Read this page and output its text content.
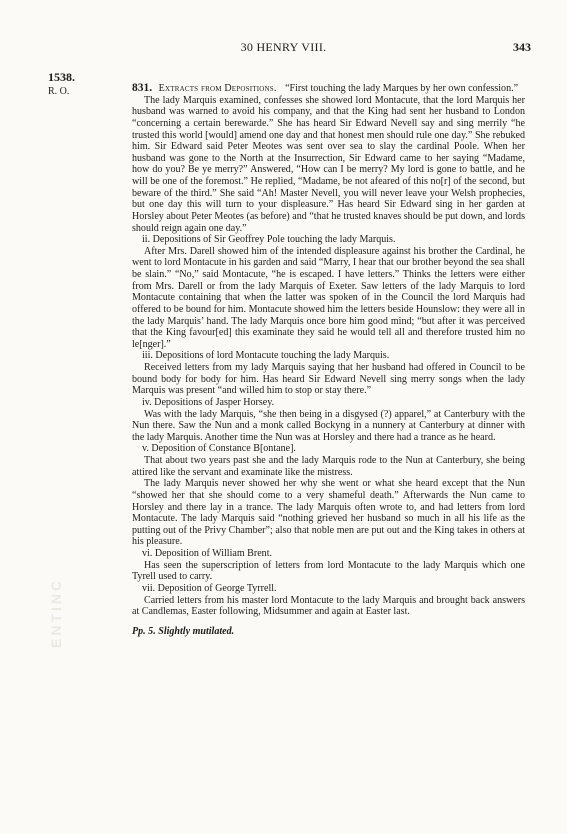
30 HENRY VIII.	343
1538.
R. O.
ENTINC

831. Extracts from Depositions. “First touching the lady Marques by her own confession.”

The lady Marquis examined, confesses she showed lord Montacute, that the lord Marquis her husband was warned to avoid his company, and that the King had sent her husband to London “concerning a certain berewarde.” She has heard Sir Edward Nevell say and sing merrily “he trusted this world [would] amend one day and that honest men should rule one day.” She rebuked him. Sir Edward said Peter Meotes was sent over sea to slay the cardinal Poole. When her husband was gone to the North at the Insurrection, Sir Edward came to her saying “Madame, how do you? Be ye merry?” Answered, “How can I be merry? My lord is gone to battle, and he will be one of the foremost.” He replied, “Madame, be not afeared of this no[r] of the second, but beware of the third.” She said “Ah! Master Nevell, you will never leave your Welsh prophecies, but one day this will turn to your displeasure.” Has heard Sir Edward sing in her garden at Horsley about Peter Meotes (as before) and “that he trusted knaves should be put down, and lords should reign again one day.”

ii. Depositions of Sir Geoffrey Pole touching the lady Marquis.

After Mrs. Darell showed him of the intended displeasure against his brother the Cardinal, he went to lord Montacute in his garden and said “Marry, I hear that our brother beyond the sea shall be slain.” “No,” said Montacute, “he is escaped. I have letters.” Thinks the letters were either from Mrs. Darell or from the lady Marquis of Exeter. Saw letters of the lady Marquis to lord Montacute containing that when the latter was spoken of in the Council the lord Marquis had offered to be bound for him. Montacute showed him the letters beside Hounslow: they were all in the lady Marquis’ hand. The lady Marquis once bore him good mind; “but after it was perceived that the King favour[ed] this examinate they said he would tell all and therefore trusted him no le[nger].”

iii. Depositions of lord Montacute touching the lady Marquis.

Received letters from my lady Marquis saying that her husband had offered in Council to be bound body for body for him. Has heard Sir Edward Nevell sing merry songs when the lady Marquis was present “and willed him to stop or stay there.”

iv. Depositions of Jasper Horsey.

Was with the lady Marquis, “she then being in a disgysed (?) apparel,” at Canterbury with the Nun there. Saw the Nun and a monk called Bockyng in a nunnery at Canterbury at dinner with the lady Marquis. Another time the Nun was at Horsley and there had a trance as he heard.

v. Deposition of Constance B[ontane].

That about two years past she and the lady Marquis rode to the Nun at Canterbury, she being attired like the servant and examinate like the mistress.

The lady Marquis never showed her why she went or what she heard except that the Nun “showed her that she should come to a very shameful death.” Afterwards the Nun came to Horsley and there lay in a trance. The lady Marquis often wrote to, and had letters from lord Montacute. The lady Marquis said “nothing grieved her husband so much in all his life as the putting out of the Privy Chamber”; also that noble men are put out and the King takes in others at his pleasure.

vi. Deposition of William Brent.

Has seen the superscription of letters from lord Montacute to the lady Marquis which one Tyrell used to carry.

vii. Deposition of George Tyrrell.

Carried letters from his master lord Montacute to the lady Marquis and brought back answers at Candlemas, Easter following, Midsummer and again at Easter last.

Pp. 5. Slightly mutilated.
